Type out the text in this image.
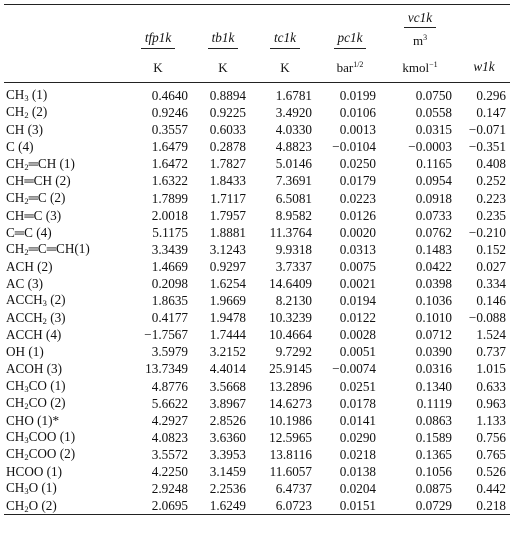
					vc1k	
	tfp1k	tb1k	tc1k	pc1k	$m^3$	
	K	K	K	bar$^{1/2}$	kmol$^{-1}$	w1k

$CH_3$ (1)	0.4640	0.8894	1.6781	0.0199	0.0750	0.296
$CH_2$ (2)	0.9246	0.9225	3.4920	0.0106	0.0558	0.147
CH (3)	0.3557	0.6033	4.0330	0.0013	0.0315	−0.071
C (4)	1.6479	0.2878	4.8823	−0.0104	−0.0003	−0.351
$CH_2═CH$ (1)	1.6472	1.7827	5.0146	0.0250	0.1165	0.408
CH═CH (2)	1.6322	1.8433	7.3691	0.0179	0.0954	0.252
$CH_2═C$ (2)	1.7899	1.7117	6.5081	0.0223	0.0918	0.223
CH═C (3)	2.0018	1.7957	8.9582	0.0126	0.0733	0.235
C═C (4)	5.1175	1.8881	11.3764	0.0020	0.0762	−0.210
$CH_2═C═CH(1)$	3.3439	3.1243	9.9318	0.0313	0.1483	0.152
ACH (2)	1.4669	0.9297	3.7337	0.0075	0.0422	0.027
AC (3)	0.2098	1.6254	14.6409	0.0021	0.0398	0.334
$ACCH_3$ (2)	1.8635	1.9669	8.2130	0.0194	0.1036	0.146
$ACCH_2$ (3)	0.4177	1.9478	10.3239	0.0122	0.1010	−0.088
ACCH (4)	−1.7567	1.7444	10.4664	0.0028	0.0712	1.524
OH (1)	3.5979	3.2152	9.7292	0.0051	0.0390	0.737
ACOH (3)	13.7349	4.4014	25.9145	−0.0074	0.0316	1.015
$CH_3CO$ (1)	4.8776	3.5668	13.2896	0.0251	0.1340	0.633
$CH_2CO$ (2)	5.6622	3.8967	14.6273	0.0178	0.1119	0.963
CHO (1)*	4.2927	2.8526	10.1986	0.0141	0.0863	1.133
$CH_3COO$ (1)	4.0823	3.6360	12.5965	0.0290	0.1589	0.756
$CH_2COO$ (2)	3.5572	3.3953	13.8116	0.0218	0.1365	0.765
HCOO (1)	4.2250	3.1459	11.6057	0.0138	0.1056	0.526
$CH_3O$ (1)	2.9248	2.2536	6.4737	0.0204	0.0875	0.442
$CH_2O$ (2)	2.0695	1.6249	6.0723	0.0151	0.0729	0.218
